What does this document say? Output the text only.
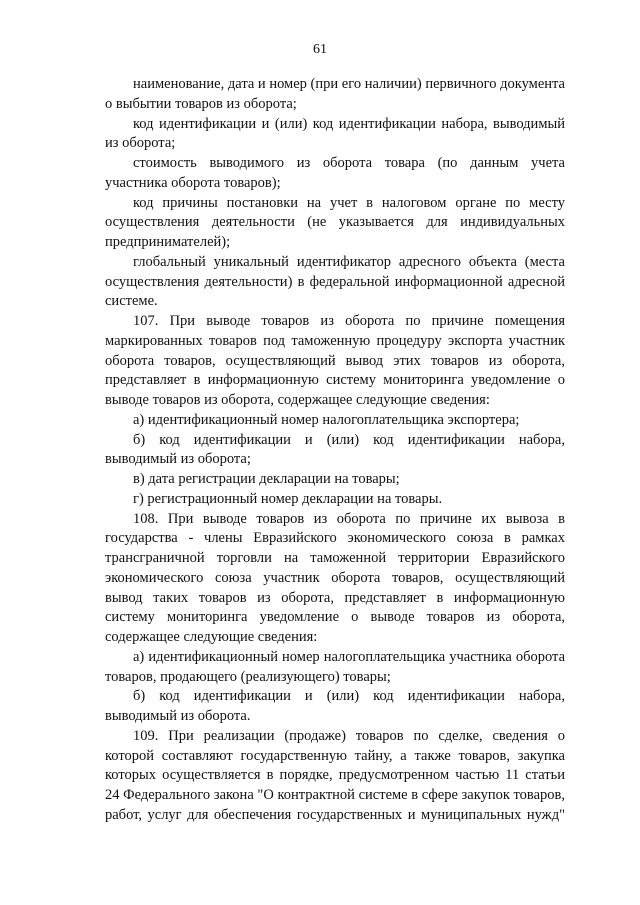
61

наименование, дата и номер (при его наличии) первичного документа о выбытии товаров из оборота;

код идентификации и (или) код идентификации набора, выводимый из оборота;

стоимость выводимого из оборота товара (по данным учета участника оборота товаров);

код причины постановки на учет в налоговом органе по месту осуществления деятельности (не указывается для индивидуальных предпринимателей);

глобальный уникальный идентификатор адресного объекта (места осуществления деятельности) в федеральной информационной адресной системе.

107. При выводе товаров из оборота по причине помещения маркированных товаров под таможенную процедуру экспорта участник оборота товаров, осуществляющий вывод этих товаров из оборота, представляет в информационную систему мониторинга уведомление о выводе товаров из оборота, содержащее следующие сведения:

а) идентификационный номер налогоплательщика экспортера;

б) код идентификации и (или) код идентификации набора, выводимый из оборота;

в) дата регистрации декларации на товары;

г) регистрационный номер декларации на товары.

108. При выводе товаров из оборота по причине их вывоза в государства - члены Евразийского экономического союза в рамках трансграничной торговли на таможенной территории Евразийского экономического союза участник оборота товаров, осуществляющий вывод таких товаров из оборота, представляет в информационную систему мониторинга уведомление о выводе товаров из оборота, содержащее следующие сведения:

а) идентификационный номер налогоплательщика участника оборота товаров, продающего (реализующего) товары;

б) код идентификации и (или) код идентификации набора, выводимый из оборота.

109. При реализации (продаже) товаров по сделке, сведения о которой составляют государственную тайну, а также товаров, закупка которых осуществляется в порядке, предусмотренном частью 11 статьи 24 Федерального закона "О контрактной системе в сфере закупок товаров, работ, услуг для обеспечения государственных и муниципальных нужд"
